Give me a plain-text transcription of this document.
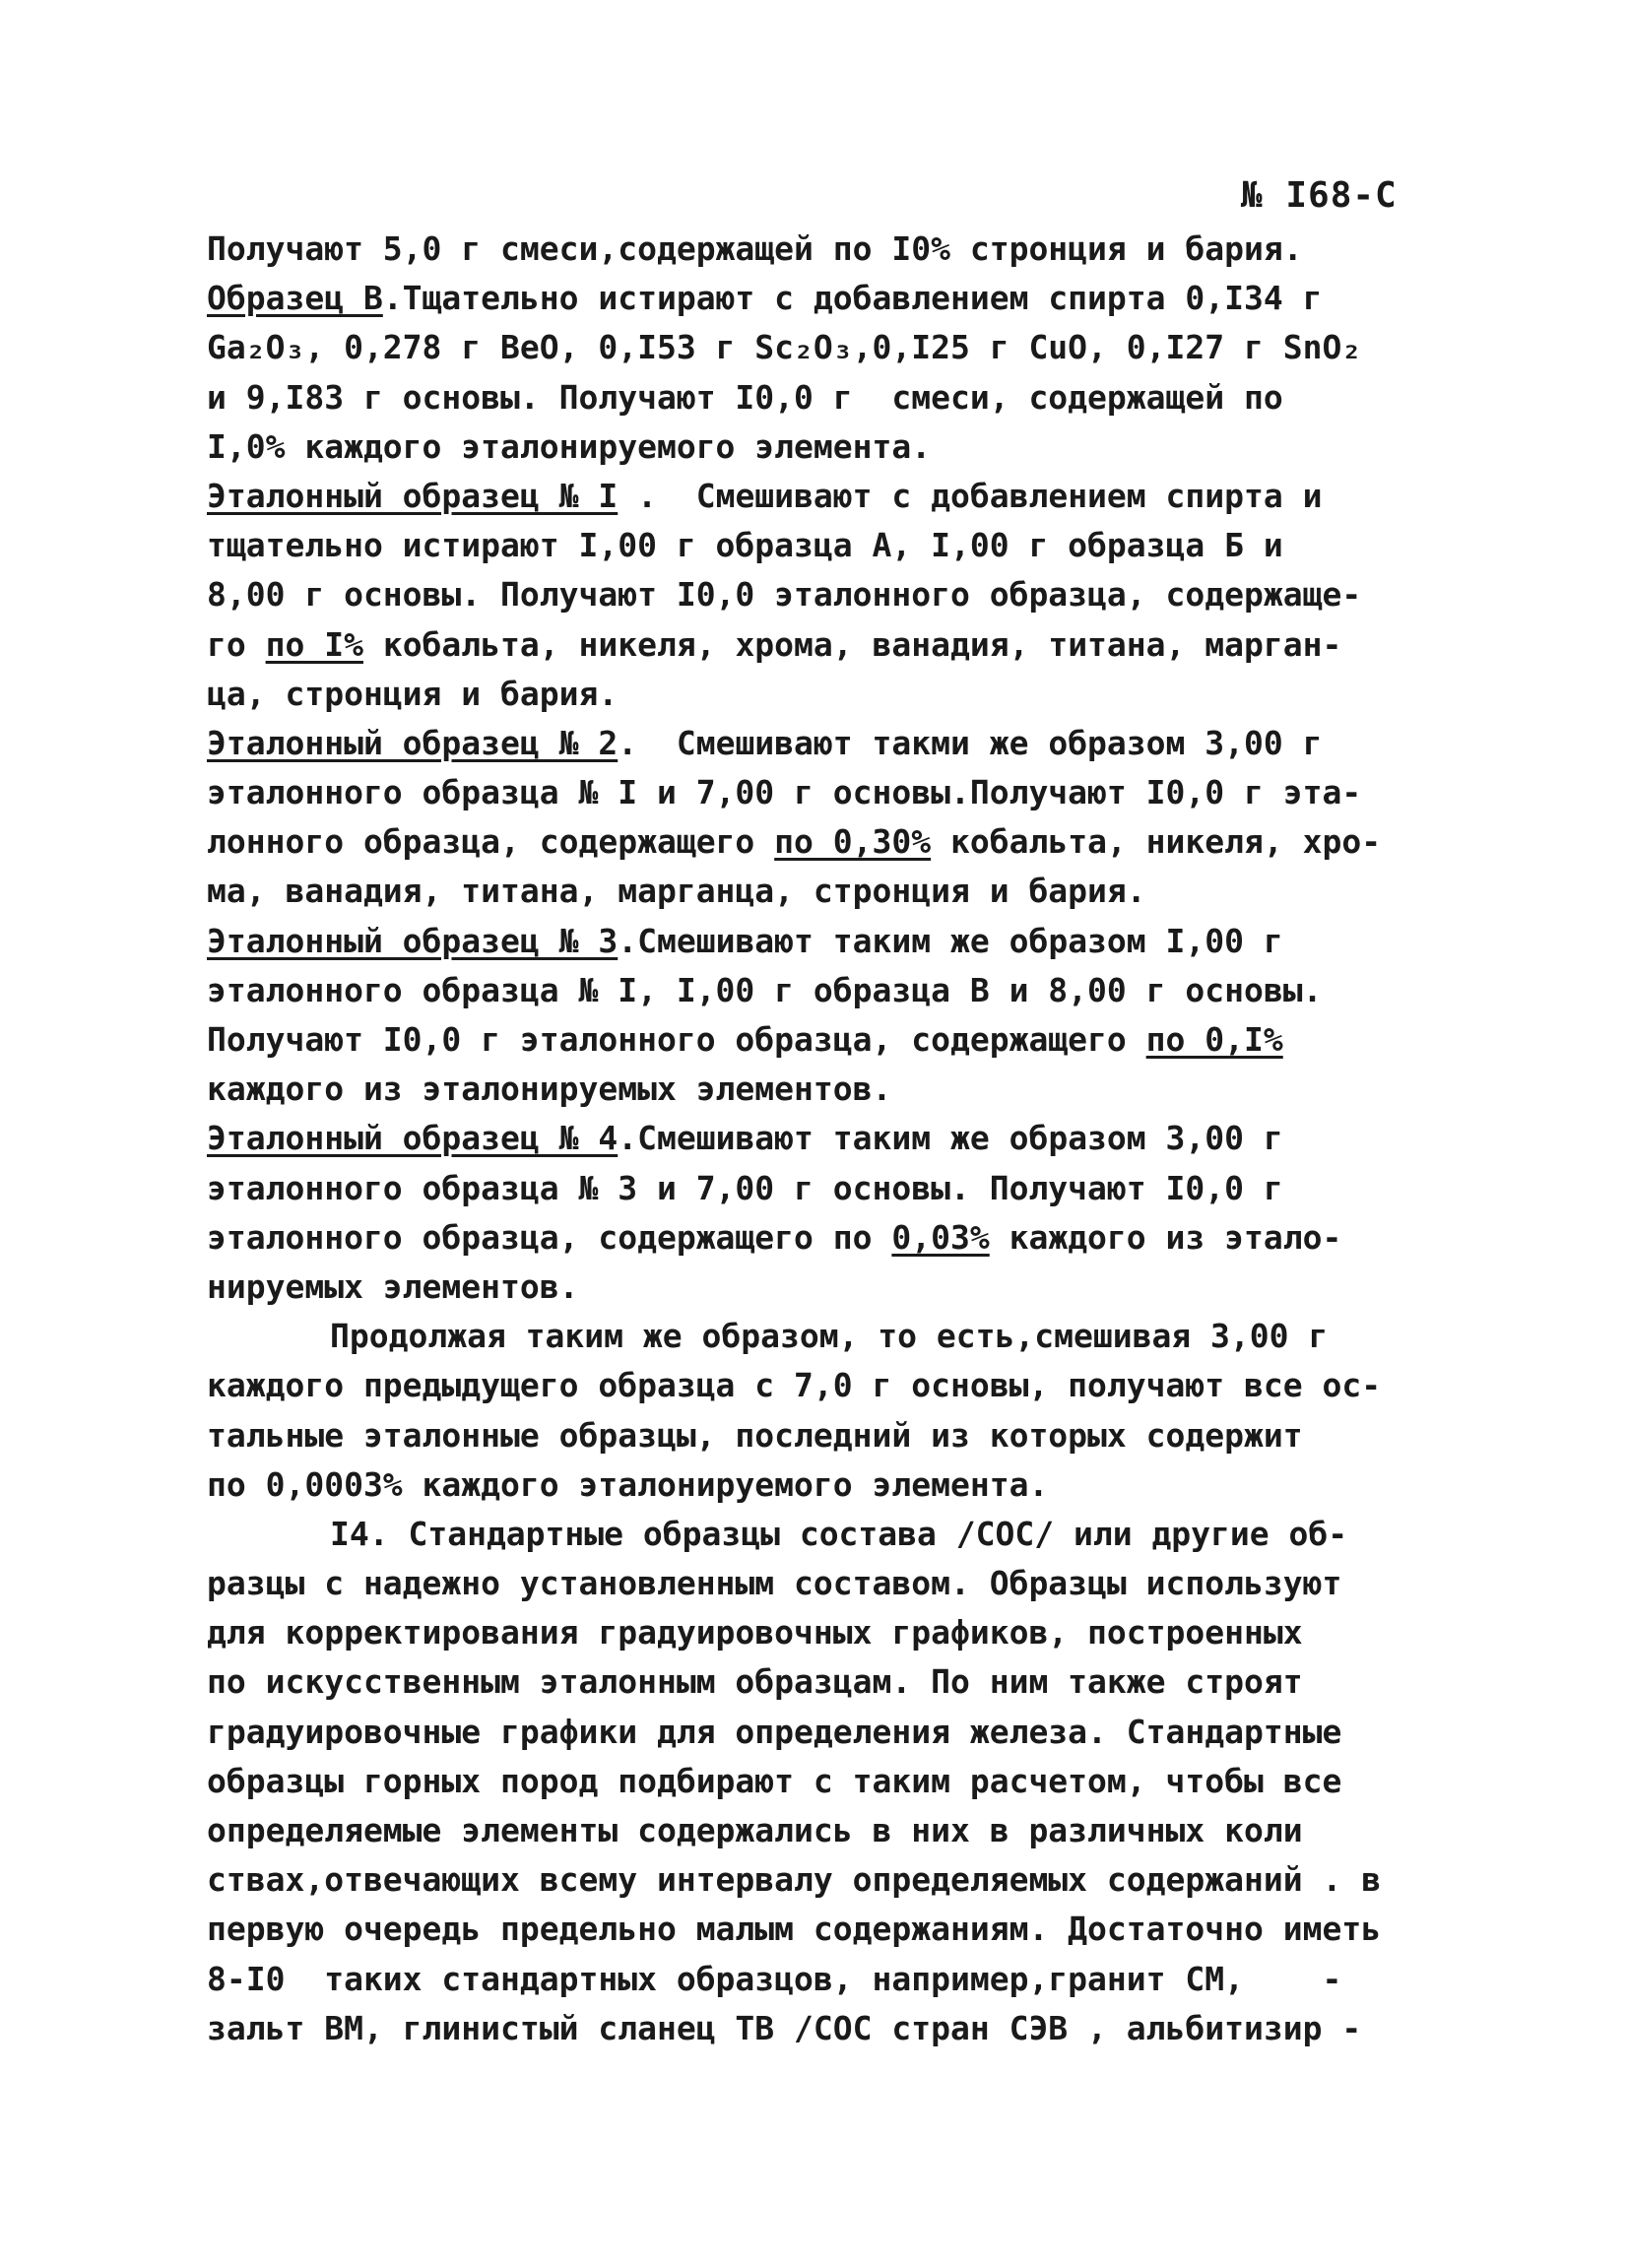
№ I68-С
Получают 5,0 г смеси,содержащей по I0% стронция и бария.
Образец В.Тщательно истирают с добавлением спирта 0,I34 г
Ga₂O₃, 0,278 г BeO, 0,I53 г Sc₂O₃,0,I25 г CuO, 0,I27 г SnO₂
и 9,I83 г основы. Получают I0,0 г  смеси, содержащей по
I,0% каждого эталонируемого элемента.
Эталонный образец № I .  Смешивают с добавлением спирта и
тщательно истирают I,00 г образца А, I,00 г образца Б и
8,00 г основы. Получают I0,0 эталонного образца, содержаще-
го по I% кобальта, никеля, хрома, ванадия, титана, марган-
ца, стронция и бария.
Эталонный образец № 2.  Смешивают такми же образом 3,00 г
эталонного образца № I и 7,00 г основы.Получают I0,0 г эта-
лонного образца, содержащего по 0,30% кобальта, никеля, хро-
ма, ванадия, титана, марганца, стронция и бария.
Эталонный образец № 3.Смешивают таким же образом I,00 г
эталонного образца № I, I,00 г образца В и 8,00 г основы.
Получают I0,0 г эталонного образца, содержащего по 0,I%
каждого из эталонируемых элементов.
Эталонный образец № 4.Смешивают таким же образом 3,00 г
эталонного образца № 3 и 7,00 г основы. Получают I0,0 г
эталонного образца, содержащего по 0,03% каждого из этало-
нируемых элементов.
Продолжая таким же образом, то есть,смешивая 3,00 г
каждого предыдущего образца с 7,0 г основы, получают все ос-
тальные эталонные образцы, последний из которых содержит
по 0,0003% каждого эталонируемого элемента.
I4. Стандартные образцы состава /СОС/ или другие об-
разцы с надежно установленным составом. Образцы используют
для корректирования градуировочных графиков, построенных
по искусственным эталонным образцам. По ним также строят
градуировочные графики для определения железа. Стандартные
образцы горных пород подбирают с таким расчетом, чтобы все
определяемые элементы содержались в них в различных коли
ствах,отвечающих всему интервалу определяемых содержаний . в
первую очередь предельно малым содержаниям. Достаточно иметь
8-I0  таких стандартных образцов, например,гранит СМ,    -
зальт ВМ, глинистый сланец ТВ /СОС стран СЭВ , альбитизир -
